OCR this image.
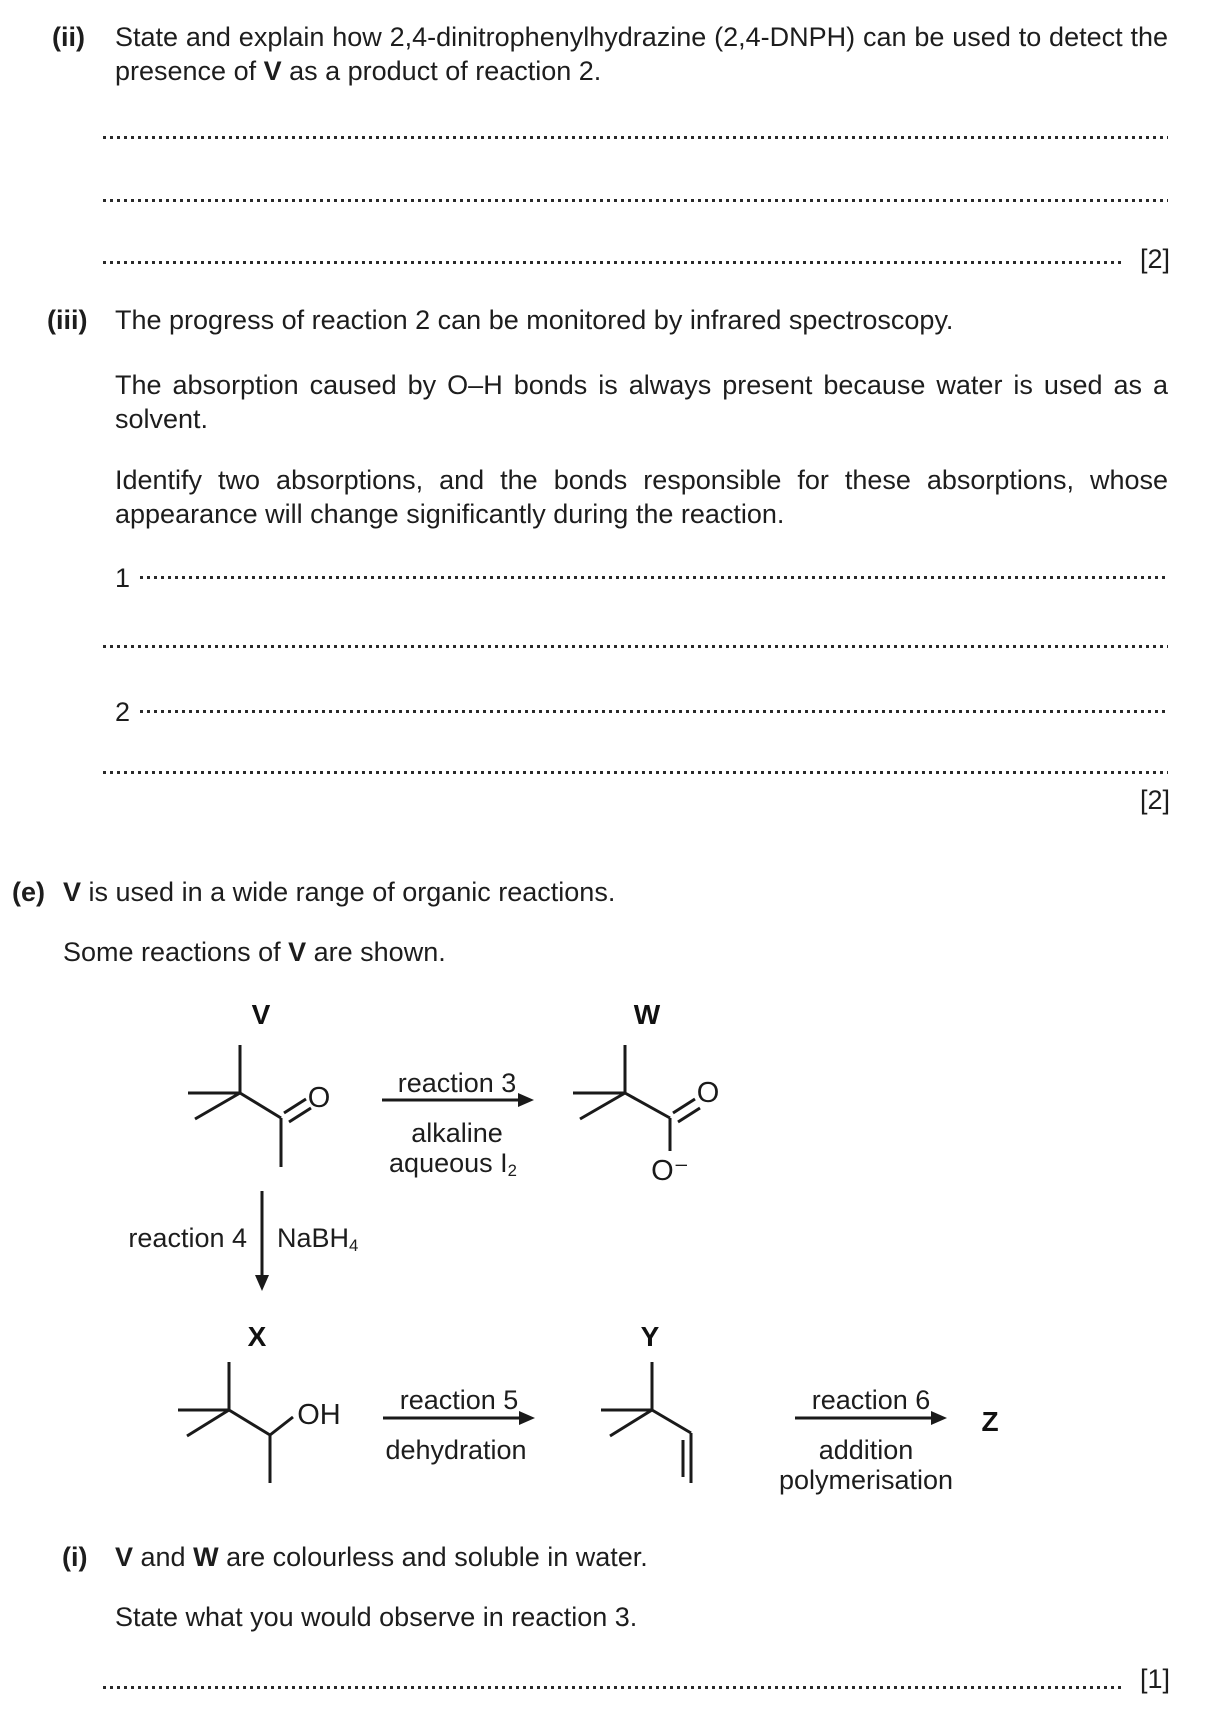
(ii) State and explain how 2,4-dinitrophenylhydrazine (2,4-DNPH) can be used to detect the
presence of V as a product of reaction 2.
[2]
(iii) The progress of reaction 2 can be monitored by infrared spectroscopy.
The absorption caused by O–H bonds is always present because water is used as a
solvent.
Identify two absorptions, and the bonds responsible for these absorptions, whose
appearance will change significantly during the reaction.
1
2
[2]
(e) V is used in a wide range of organic reactions.
Some reactions of V are shown.
V	W
O reaction 3
alkaline
aqueous $I_2$
O
O⁻
reaction 4 NaBH$_4$
X	Y
OH reaction 5
dehydration
reaction 6
addition
polymerisation
Z
(i) V and W are colourless and soluble in water.
State what you would observe in reaction 3.
[1]
